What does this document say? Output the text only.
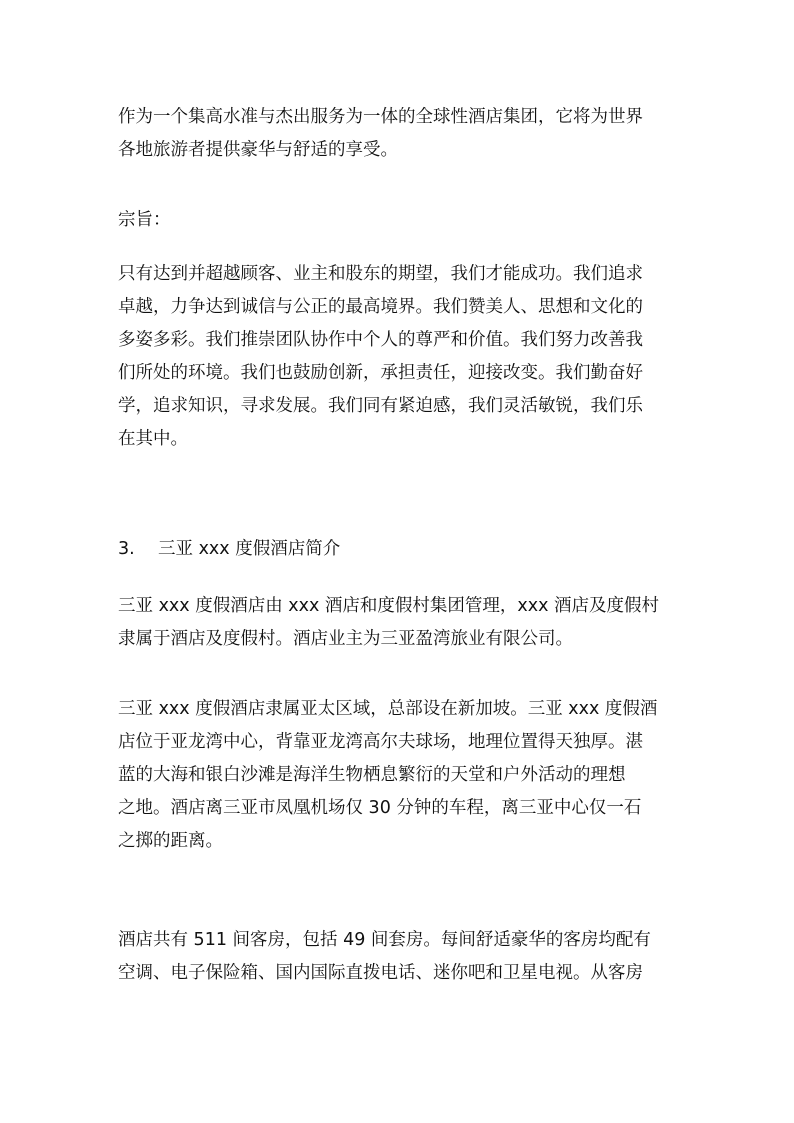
作为一个集高水准与杰出服务为一体的全球性酒店集团，它将为世界
各地旅游者提供豪华与舒适的享受。

宗旨：

只有达到并超越顾客、业主和股东的期望，我们才能成功。我们追求
卓越，力争达到诚信与公正的最高境界。我们赞美人、思想和文化的
多姿多彩。我们推崇团队协作中个人的尊严和价值。我们努力改善我
们所处的环境。我们也鼓励创新，承担责任，迎接改变。我们勤奋好
学，追求知识，寻求发展。我们同有紧迫感，我们灵活敏锐，我们乐
在其中。

3. 三亚 xxx 度假酒店简介

三亚 xxx 度假酒店由 xxx 酒店和度假村集团管理，xxx 酒店及度假村
隶属于酒店及度假村。酒店业主为三亚盈湾旅业有限公司。

三亚 xxx 度假酒店隶属亚太区域，总部设在新加坡。三亚 xxx 度假酒
店位于亚龙湾中心，背靠亚龙湾高尔夫球场，地理位置得天独厚。湛
蓝的大海和银白沙滩是海洋生物栖息繁衍的天堂和户外活动的理想
之地。酒店离三亚市凤凰机场仅 30 分钟的车程，离三亚中心仅一石
之掷的距离。

酒店共有 511 间客房，包括 49 间套房。每间舒适豪华的客房均配有
空调、电子保险箱、国内国际直拨电话、迷你吧和卫星电视。从客房
